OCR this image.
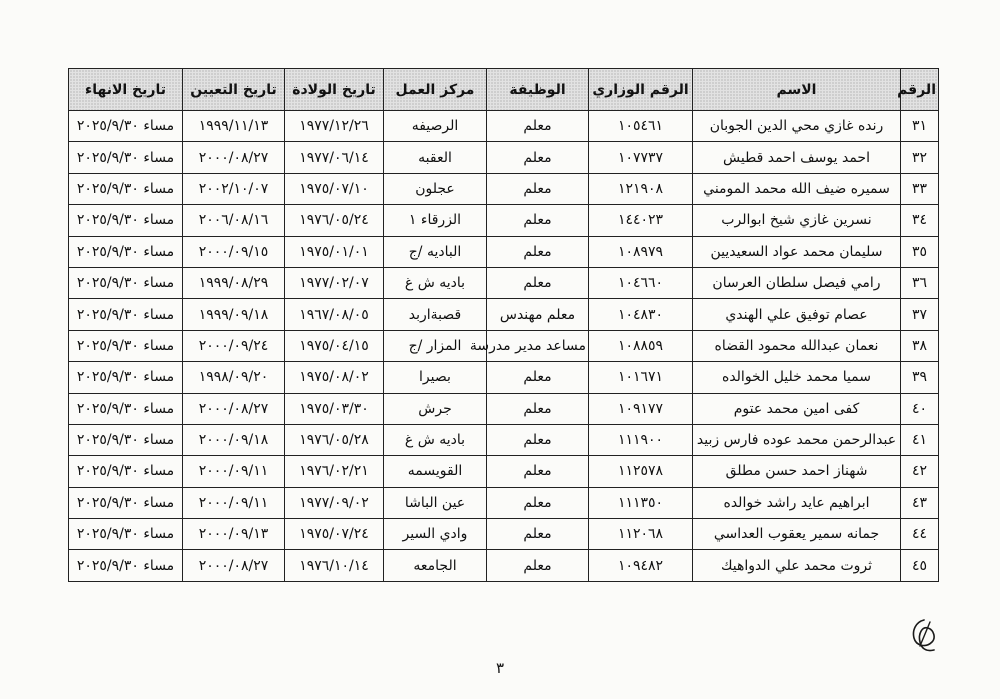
الرقم	الاسم	الرقم الوزاري	الوظيفة	مركز العمل	تاريخ الولادة	تاريخ التعيين	تاريخ الانهاء
٣١	رنده غازي محي الدين الجوبان	١٠٥٤٦١	معلم	الرصيفه	١٩٧٧/١٢/٢٦	١٩٩٩/١١/١٣	مساء ٢٠٢٥/٩/٣٠
٣٢	احمد يوسف احمد قطيش	١٠٧٧٣٧	معلم	العقبه	١٩٧٧/٠٦/١٤	٢٠٠٠/٠٨/٢٧	مساء ٢٠٢٥/٩/٣٠
٣٣	سميره ضيف الله محمد المومني	١٢١٩٠٨	معلم	عجلون	١٩٧٥/٠٧/١٠	٢٠٠٢/١٠/٠٧	مساء ٢٠٢٥/٩/٣٠
٣٤	نسرين غازي شيخ ابوالرب	١٤٤٠٢٣	معلم	الزرقاء ١	١٩٧٦/٠٥/٢٤	٢٠٠٦/٠٨/١٦	مساء ٢٠٢٥/٩/٣٠
٣٥	سليمان محمد عواد السعيديين	١٠٨٩٧٩	معلم	الباديه /ج	١٩٧٥/٠١/٠١	٢٠٠٠/٠٩/١٥	مساء ٢٠٢٥/٩/٣٠
٣٦	رامي فيصل سلطان العرسان	١٠٤٦٦٠	معلم	باديه ش غ	١٩٧٧/٠٢/٠٧	١٩٩٩/٠٨/٢٩	مساء ٢٠٢٥/٩/٣٠
٣٧	عصام توفيق علي الهندي	١٠٤٨٣٠	معلم مهندس	قصبةاربد	١٩٦٧/٠٨/٠٥	١٩٩٩/٠٩/١٨	مساء ٢٠٢٥/٩/٣٠
٣٨	نعمان عبدالله محمود القضاه	١٠٨٨٥٩	مساعد مدير مدرسة	المزار /ج	١٩٧٥/٠٤/١٥	٢٠٠٠/٠٩/٢٤	مساء ٢٠٢٥/٩/٣٠
٣٩	سميا محمد خليل الخوالده	١٠١٦٧١	معلم	بصيرا	١٩٧٥/٠٨/٠٢	١٩٩٨/٠٩/٢٠	مساء ٢٠٢٥/٩/٣٠
٤٠	كفى امين محمد عتوم	١٠٩١٧٧	معلم	جرش	١٩٧٥/٠٣/٣٠	٢٠٠٠/٠٨/٢٧	مساء ٢٠٢٥/٩/٣٠
٤١	عبدالرحمن محمد عوده فارس زبيد	١١١٩٠٠	معلم	باديه ش غ	١٩٧٦/٠٥/٢٨	٢٠٠٠/٠٩/١٨	مساء ٢٠٢٥/٩/٣٠
٤٢	شهناز احمد حسن مطلق	١١٢٥٧٨	معلم	القويسمه	١٩٧٦/٠٢/٢١	٢٠٠٠/٠٩/١١	مساء ٢٠٢٥/٩/٣٠
٤٣	ابراهيم عايد راشد خوالده	١١١٣٥٠	معلم	عين الباشا	١٩٧٧/٠٩/٠٢	٢٠٠٠/٠٩/١١	مساء ٢٠٢٥/٩/٣٠
٤٤	جمانه سمير يعقوب العداسي	١١٢٠٦٨	معلم	وادي السير	١٩٧٥/٠٧/٢٤	٢٠٠٠/٠٩/١٣	مساء ٢٠٢٥/٩/٣٠
٤٥	ثروت محمد علي الدواهيك	١٠٩٤٨٢	معلم	الجامعه	١٩٧٦/١٠/١٤	٢٠٠٠/٠٨/٢٧	مساء ٢٠٢٥/٩/٣٠
٣
